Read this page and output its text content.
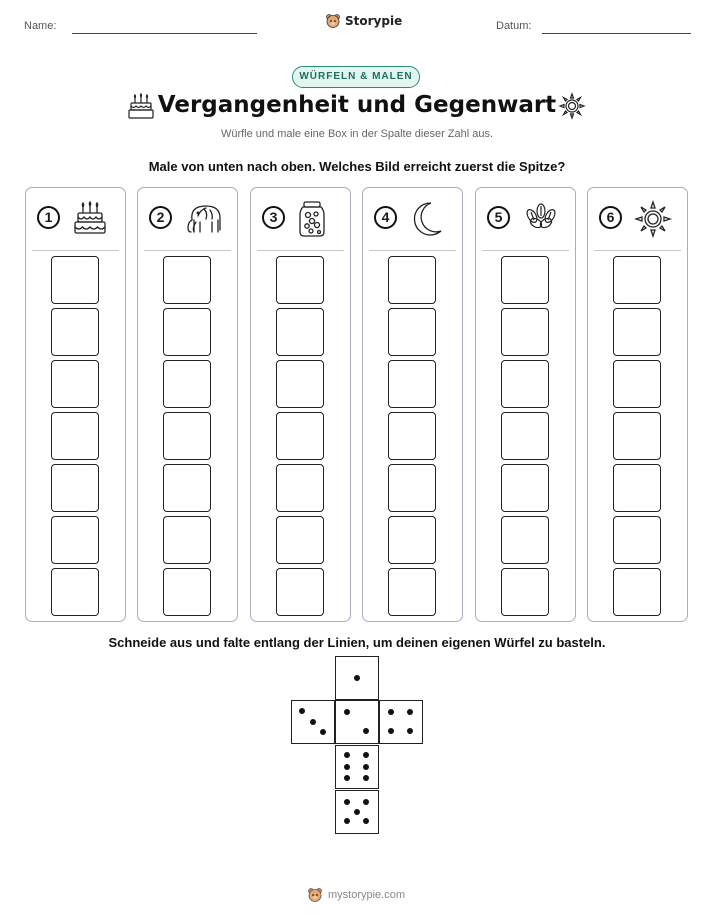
Name:	Storypie	Datum:
WÜRFELN & MALEN
Vergangenheit und Gegenwart
Würfle und male eine Box in der Spalte dieser Zahl aus.
Male von unten nach oben. Welches Bild erreicht zuerst die Spitze?
1	2	3	4	5	6
Schneide aus und falte entlang der Linien, um deinen eigenen Würfel zu basteln.
mystorypie.com
